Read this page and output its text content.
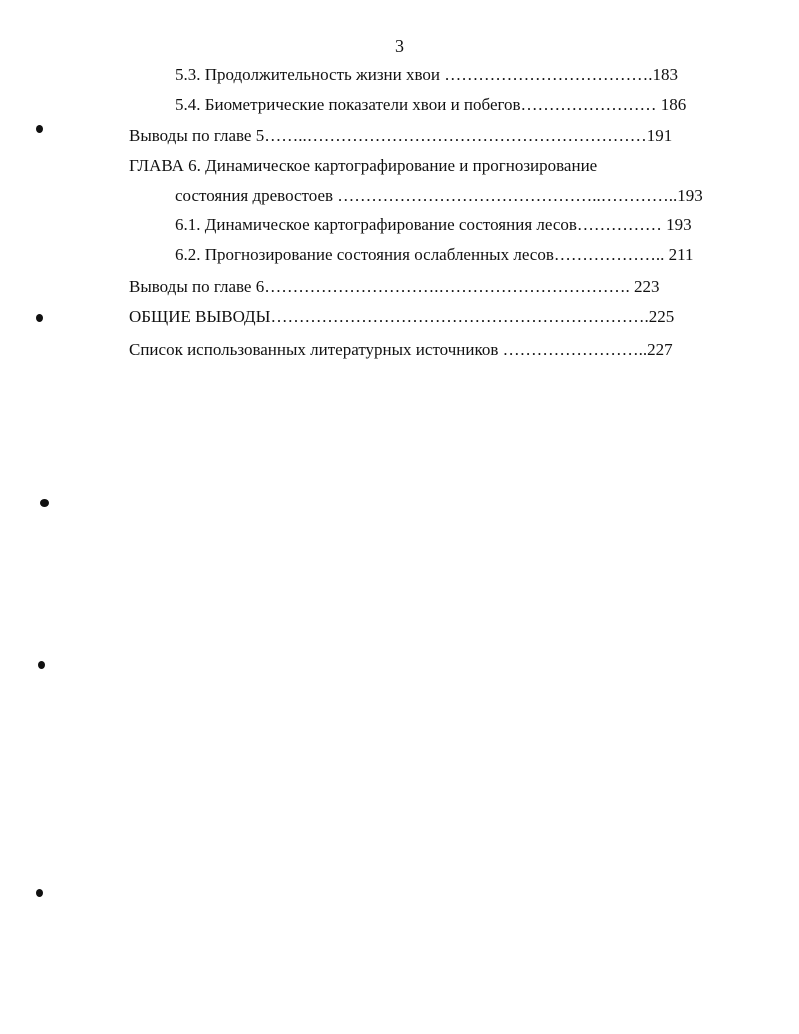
3
5.3. Продолжительность жизни хвои ……………………………….183
5.4. Биометрические показатели хвои и побегов…………………… 186
Выводы по главе 5……..……………………………………………………191
ГЛАВА 6. Динамическое картографирование и прогнозирование
состояния древостоев ………………………………………..…………..193
6.1. Динамическое картографирование состояния лесов…………… 193
6.2. Прогнозирование состояния ослабленных лесов……………….. 211
Выводы по главе 6………………………….……………………………. 223
ОБЩИЕ ВЫВОДЫ………………………………………………………….225
Список использованных литературных источников ……………………..227
